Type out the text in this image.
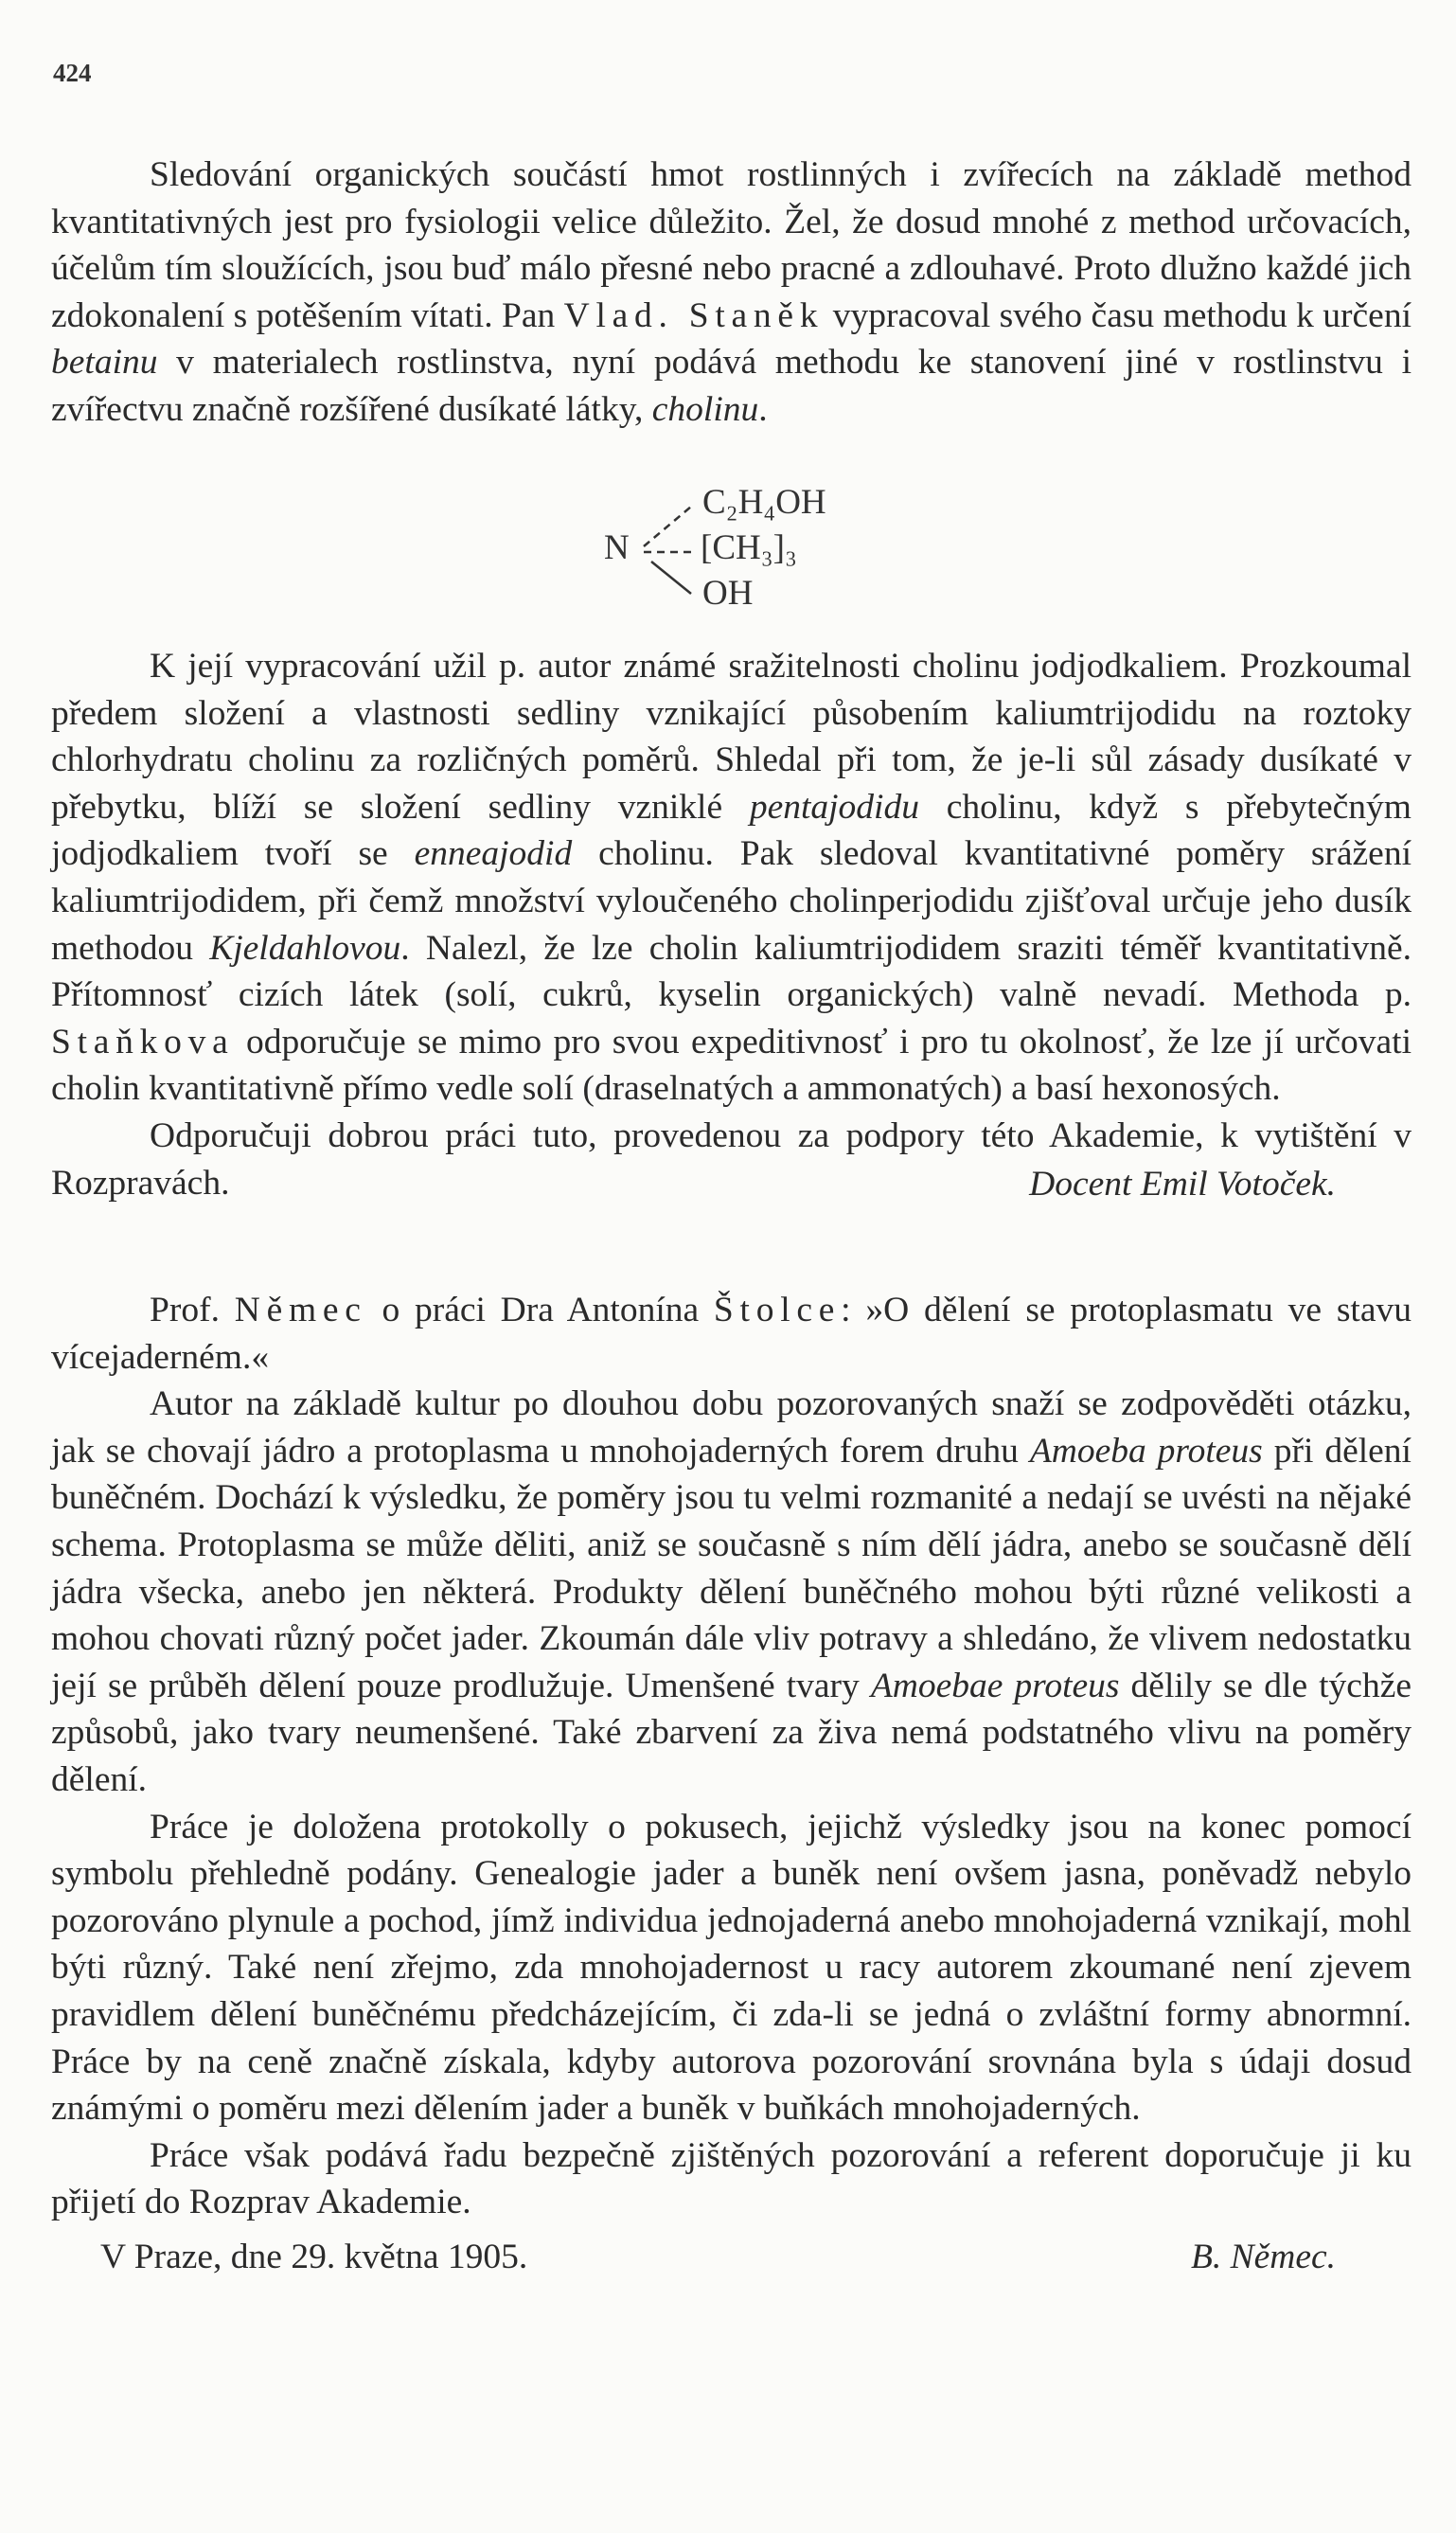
424

Sledování organických součástí hmot rostlinných i zvířecích na základě method kvantitativných jest pro fysiologii velice důležito. Žel, že dosud mnohé z method určovacích, účelům tím sloužících, jsou buď málo přesné nebo pracné a zdlouhavé. Proto dlužno každé jich zdokonalení s potěšením vítati. Pan Vlad. Staněk vypracoval svého času methodu k určení betainu v materialech rostlinstva, nyní podává methodu ke stanovení jiné v rostlinstvu i zvířectvu značně rozšířené dusíkaté látky, cholinu.

N
C₂H₄OH
[CH₃]₃
OH

K její vypracování užil p. autor známé sražitelnosti cholinu jodjodkaliem. Prozkoumal předem složení a vlastnosti sedliny vznikající působením kaliumtrijodidu na roztoky chlorhydratu cholinu za rozličných poměrů. Shledal při tom, že je-li sůl zásady dusíkaté v přebytku, blíží se složení sedliny vzniklé pentajodidu cholinu, když s přebytečným jodjodkaliem tvoří se enneajodid cholinu. Pak sledoval kvantitativné poměry srážení kaliumtrijodidem, při čemž množství vyloučeného cholinperjodidu zjišťoval určuje jeho dusík methodou Kjeldahlovou. Nalezl, že lze cholin kaliumtrijodidem sraziti téměř kvantitativně. Přítomnosť cizích látek (solí, cukrů, kyselin organických) valně nevadí. Methoda p. Staňkova odporučuje se mimo pro svou expeditivnosť i pro tu okolnosť, že lze jí určovati cholin kvantitativně přímo vedle solí (draselnatých a ammonatých) a basí hexonosých.

Odporučuji dobrou práci tuto, provedenou za podpory této Akademie, k vytištění v Rozpravách.	Docent Emil Votoček.

Prof. Němec o práci Dra Antonína Štolce: »O dělení se protoplasmatu ve stavu vícejaderném.«

Autor na základě kultur po dlouhou dobu pozorovaných snaží se zodpověděti otázku, jak se chovají jádro a protoplasma u mnohojaderných forem druhu Amoeba proteus při dělení buněčném. Dochází k výsledku, že poměry jsou tu velmi rozmanité a nedají se uvésti na nějaké schema. Protoplasma se může děliti, aniž se současně s ním dělí jádra, anebo se současně dělí jádra všecka, anebo jen některá. Produkty dělení buněčného mohou býti různé velikosti a mohou chovati různý počet jader. Zkoumán dále vliv potravy a shledáno, že vlivem nedostatku její se průběh dělení pouze prodlužuje. Umenšené tvary Amoebae proteus dělily se dle týchže způsobů, jako tvary neumenšené. Také zbarvení za živa nemá podstatného vlivu na poměry dělení.

Práce je doložena protokolly o pokusech, jejichž výsledky jsou na konec pomocí symbolu přehledně podány. Genealogie jader a buněk není ovšem jasna, poněvadž nebylo pozorováno plynule a pochod, jímž individua jednojaderná anebo mnohojaderná vznikají, mohl býti různý. Také není zřejmo, zda mnohojadernost u racy autorem zkoumané není zjevem pravidlem dělení buněčnému předcházejícím, či zda-li se jedná o zvláštní formy abnormní. Práce by na ceně značně získala, kdyby autorova pozorování srovnána byla s údaji dosud známými o poměru mezi dělením jader a buněk v buňkách mnohojaderných.

Práce však podává řadu bezpečně zjištěných pozorování a referent doporučuje ji ku přijetí do Rozprav Akademie.

V Praze, dne 29. května 1905.	B. Němec.
